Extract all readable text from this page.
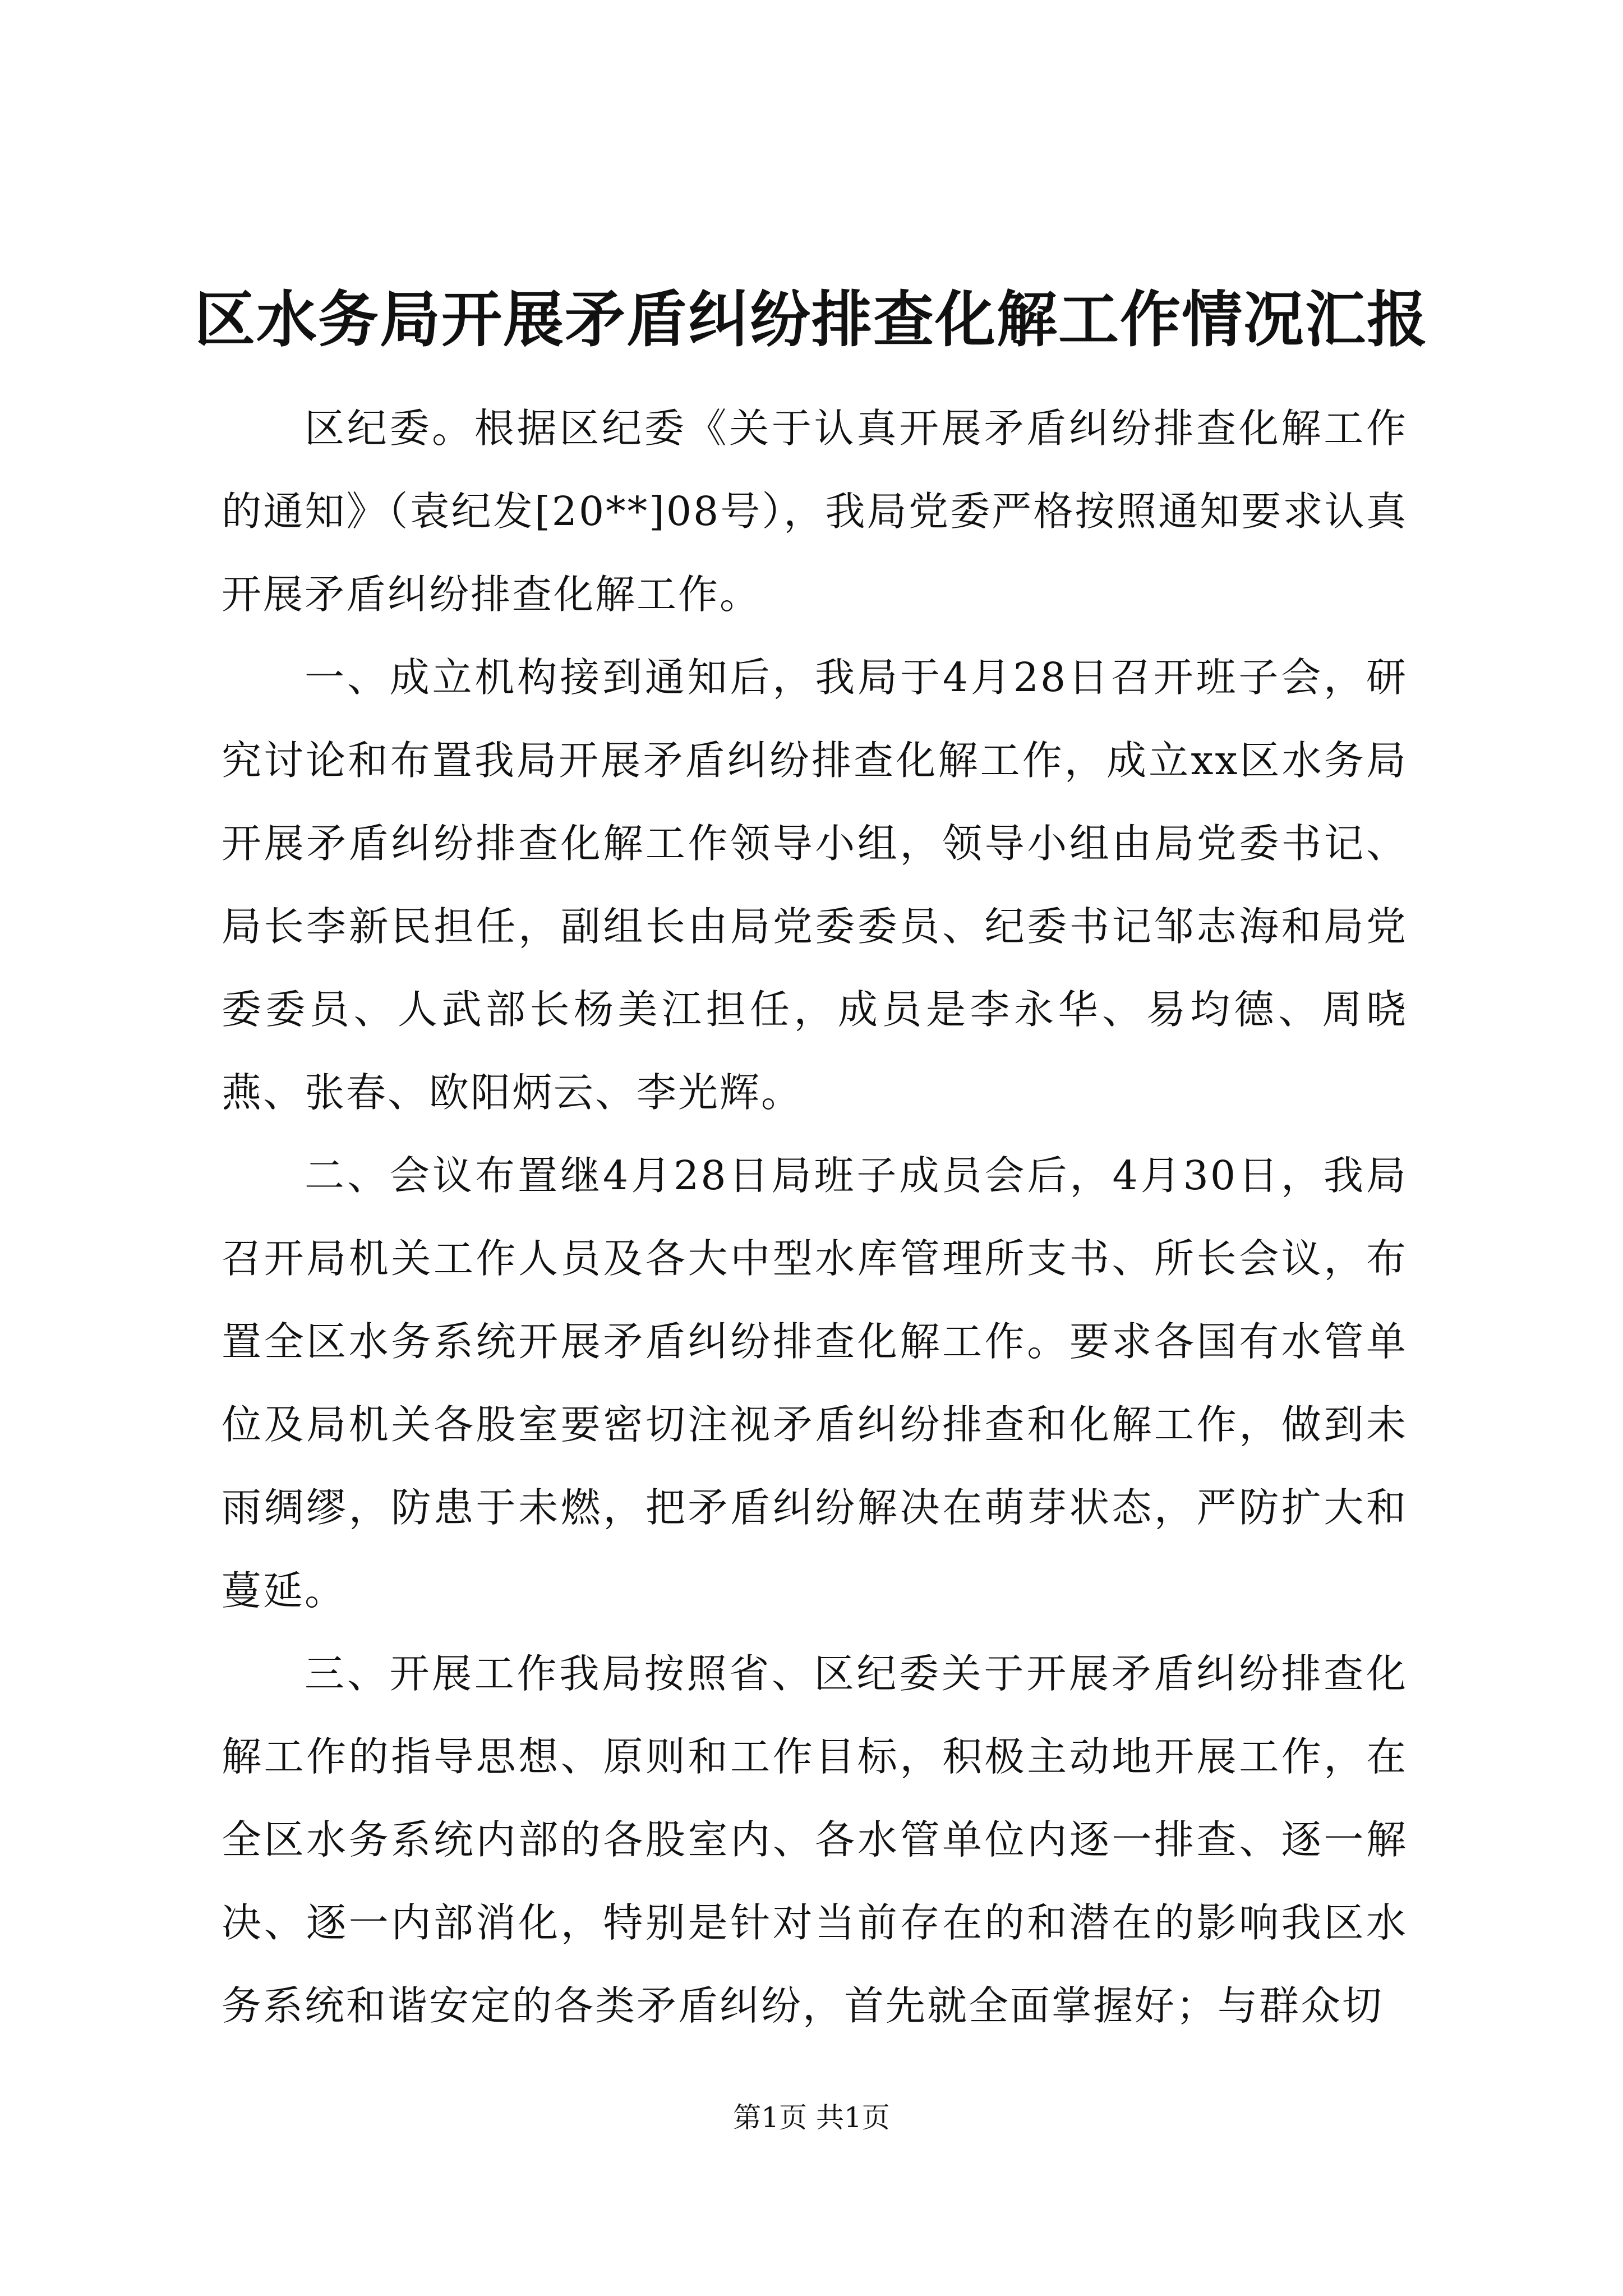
区水务局开展矛盾纠纷排查化解工作情况汇报

区纪委。根据区纪委《关于认真开展矛盾纠纷排查化解工作的通知》（袁纪发[20**]08号），我局党委严格按照通知要求认真开展矛盾纠纷排查化解工作。

一、成立机构接到通知后，我局于4月28日召开班子会，研究讨论和布置我局开展矛盾纠纷排查化解工作，成立xx区水务局开展矛盾纠纷排查化解工作领导小组，领导小组由局党委书记、局长李新民担任，副组长由局党委委员、纪委书记邹志海和局党委委员、人武部长杨美江担任，成员是李永华、易均德、周晓燕、张春、欧阳炳云、李光辉。

二、会议布置继4月28日局班子成员会后，4月30日，我局召开局机关工作人员及各大中型水库管理所支书、所长会议，布置全区水务系统开展矛盾纠纷排查化解工作。要求各国有水管单位及局机关各股室要密切注视矛盾纠纷排查和化解工作，做到未雨绸缪，防患于未燃，把矛盾纠纷解决在萌芽状态，严防扩大和蔓延。

三、开展工作我局按照省、区纪委关于开展矛盾纠纷排查化解工作的指导思想、原则和工作目标，积极主动地开展工作，在全区水务系统内部的各股室内、各水管单位内逐一排查、逐一解决、逐一内部消化，特别是针对当前存在的和潜在的影响我区水务系统和谐安定的各类矛盾纠纷，首先就全面掌握好；与群众切

第1页 共1页
